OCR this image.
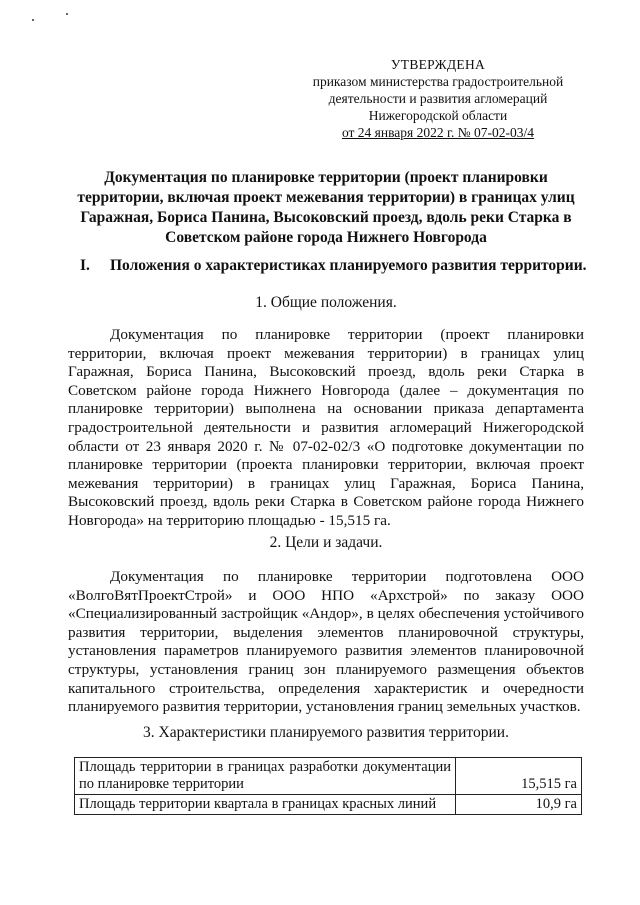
УТВЕРЖДЕНА
приказом министерства градостроительной
деятельности и развития агломераций
Нижегородской области
от 24 января 2022 г. № 07-02-03/4
Документация по планировке территории (проект планировки территории, включая проект межевания территории) в границах улиц Гаражная, Бориса Панина, Высоковский проезд, вдоль реки Старка в Советском районе города Нижнего Новгорода
I. Положения о характеристиках планируемого развития территории.
1. Общие положения.
Документация по планировке территории (проект планировки территории, включая проект межевания территории) в границах улиц Гаражная, Бориса Панина, Высоковский проезд, вдоль реки Старка в Советском районе города Нижнего Новгорода (далее – документация по планировке территории) выполнена на основании приказа департамента градостроительной деятельности и развития агломераций Нижегородской области от 23 января 2020 г. № 07-02-02/3 «О подготовке документации по планировке территории (проекта планировки территории, включая проект межевания территории) в границах улиц Гаражная, Бориса Панина, Высоковский проезд, вдоль реки Старка в Советском районе города Нижнего Новгорода» на территорию площадью - 15,515 га.
2. Цели и задачи.
Документация по планировке территории подготовлена ООО «ВолгоВятПроектСтрой» и ООО НПО «Архстрой» по заказу ООО «Специализированный застройщик «Андор», в целях обеспечения устойчивого развития территории, выделения элементов планировочной структуры, установления параметров планируемого развития элементов планировочной структуры, установления границ зон планируемого размещения объектов капитального строительства, определения характеристик и очередности планируемого развития территории, установления границ земельных участков.
3. Характеристики планируемого развития территории.
Площадь территории в границах разработки документации по планировке территории	15,515 га
Площадь территории квартала в границах красных линий	10,9 га
